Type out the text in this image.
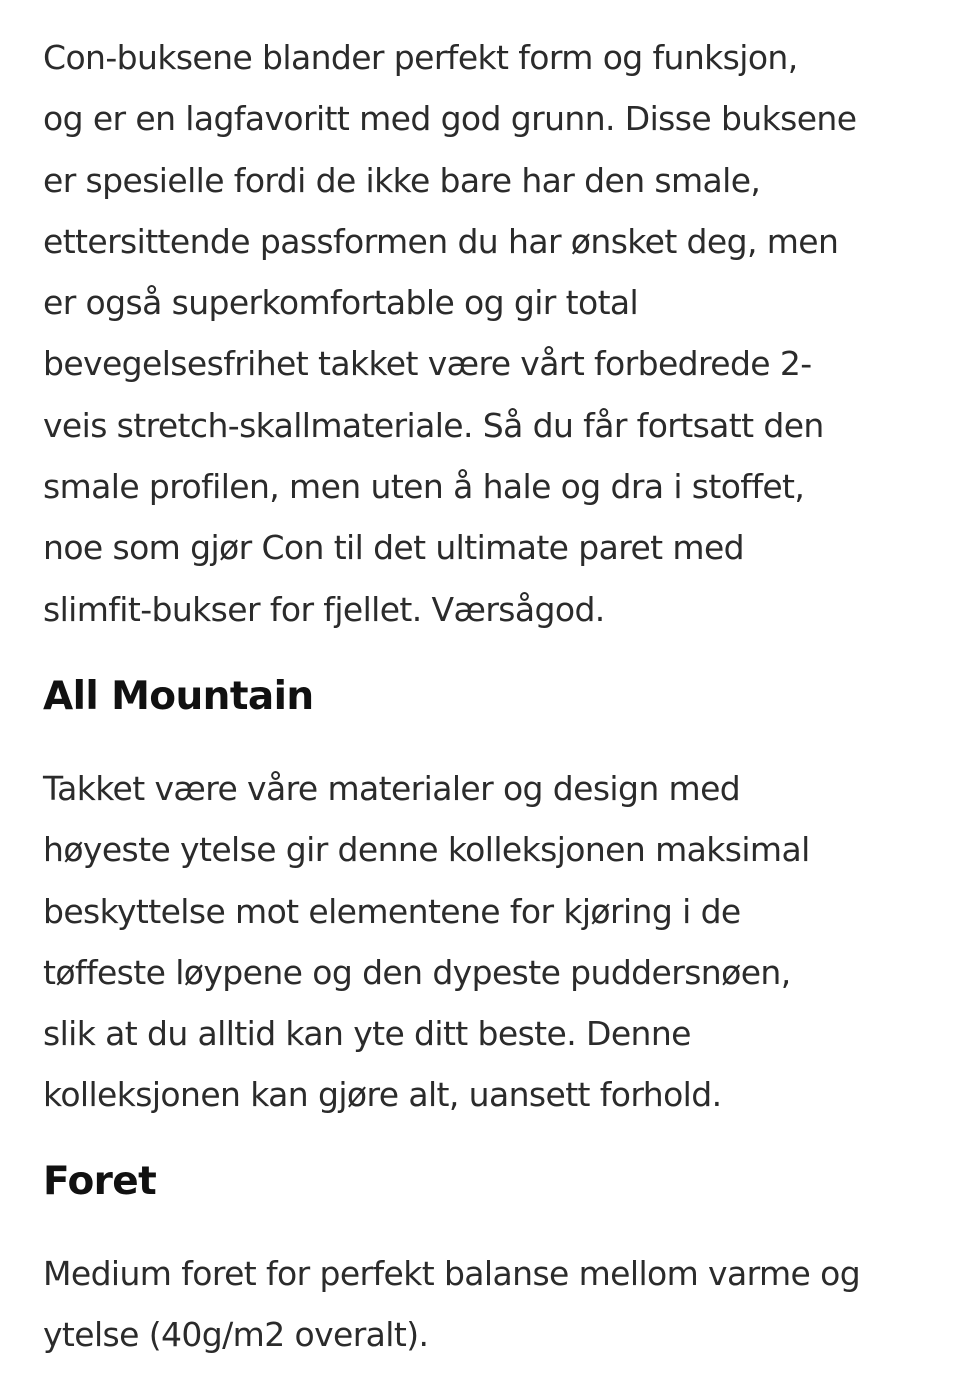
Con-buksene blander perfekt form og funksjon,
og er en lagfavoritt med god grunn. Disse buksene
er spesielle fordi de ikke bare har den smale,
ettersittende passformen du har ønsket deg, men
er også superkomfortable og gir total
bevegelsesfrihet takket være vårt forbedrede 2-
veis stretch-skallmateriale. Så du får fortsatt den
smale profilen, men uten å hale og dra i stoffet,
noe som gjør Con til det ultimate paret med
slimfit-bukser for fjellet. Værsågod.

All Mountain

Takket være våre materialer og design med
høyeste ytelse gir denne kolleksjonen maksimal
beskyttelse mot elementene for kjøring i de
tøffeste løypene og den dypeste puddersnøen,
slik at du alltid kan yte ditt beste. Denne
kolleksjonen kan gjøre alt, uansett forhold.

Foret

Medium foret for perfekt balanse mellom varme og
ytelse (40g/m2 overalt).
